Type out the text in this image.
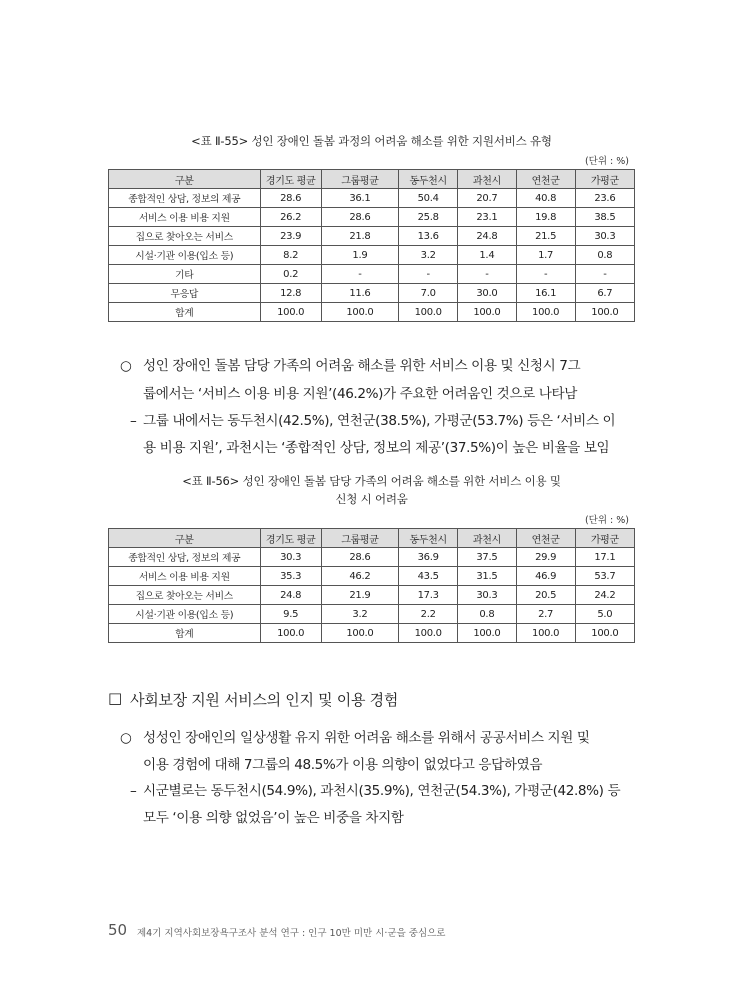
<표 Ⅱ-55> 성인 장애인 돌봄 과정의 어려움 해소를 위한 지원서비스 유형
(단위 : %)
구분	경기도 평균	그룹평균	동두천시	과천시	연천군	가평군
종합적인 상담, 정보의 제공	28.6	36.1	50.4	20.7	40.8	23.6
서비스 이용 비용 지원	26.2	28.6	25.8	23.1	19.8	38.5
집으로 찾아오는 서비스	23.9	21.8	13.6	24.8	21.5	30.3
시설·기관 이용(입소 등)	8.2	1.9	3.2	1.4	1.7	0.8
기타	0.2	-	-	-	-	-
무응답	12.8	11.6	7.0	30.0	16.1	6.7
합계	100.0	100.0	100.0	100.0	100.0	100.0
○ 성인 장애인 돌봄 담당 가족의 어려움 해소를 위한 서비스 이용 및 신청시 7그
룹에서는 ‘서비스 이용 비용 지원’(46.2%)가 주요한 어려움인 것으로 나타남
– 그룹 내에서는 동두천시(42.5%), 연천군(38.5%), 가평군(53.7%) 등은 ‘서비스 이
용 비용 지원’, 과천시는 ‘종합적인 상담, 정보의 제공’(37.5%)이 높은 비율을 보임
<표 Ⅱ-56> 성인 장애인 돌봄 담당 가족의 어려움 해소를 위한 서비스 이용 및
신청 시 어려움
(단위 : %)
구분	경기도 평균	그룹평균	동두천시	과천시	연천군	가평군
종합적인 상담, 정보의 제공	30.3	28.6	36.9	37.5	29.9	17.1
서비스 이용 비용 지원	35.3	46.2	43.5	31.5	46.9	53.7
집으로 찾아오는 서비스	24.8	21.9	17.3	30.3	20.5	24.2
시설·기관 이용(입소 등)	9.5	3.2	2.2	0.8	2.7	5.0
합계	100.0	100.0	100.0	100.0	100.0	100.0
□ 사회보장 지원 서비스의 인지 및 이용 경험
○ 성성인 장애인의 일상생활 유지 위한 어려움 해소를 위해서 공공서비스 지원 및
이용 경험에 대해 7그룹의 48.5%가 이용 의향이 없었다고 응답하였음
– 시군별로는 동두천시(54.9%), 과천시(35.9%), 연천군(54.3%), 가평군(42.8%) 등
모두 ‘이용 의향 없었음’이 높은 비중을 차지함
50 제4기 지역사회보장욕구조사 분석 연구 : 인구 10만 미만 시·군을 중심으로
